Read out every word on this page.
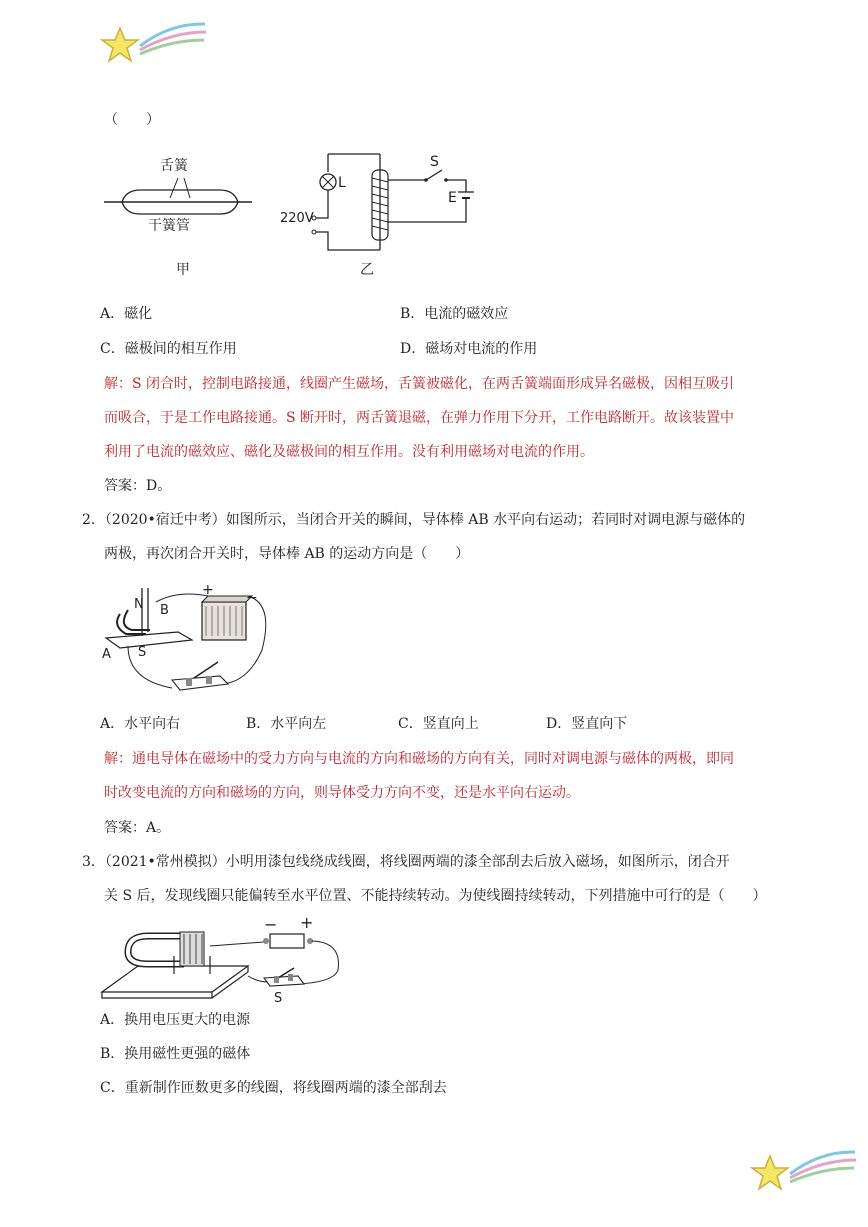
（　　）
舌簧
干簧管
甲
L
220V
S
E
乙
A．磁化	B．电流的磁效应
C．磁极间的相互作用	D．磁场对电流的作用
解：S 闭合时，控制电路接通，线圈产生磁场，舌簧被磁化，在两舌簧端面形成异名磁极，因相互吸引
而吸合，于是工作电路接通。S 断开时，两舌簧退磁，在弹力作用下分开，工作电路断开。故该装置中
利用了电流的磁效应、磁化及磁极间的相互作用。没有利用磁场对电流的作用。
答案：D。
2．（2020•宿迁中考）如图所示，当闭合开关的瞬间，导体棒 AB 水平向右运动；若同时对调电源与磁体的
两极，再次闭合开关时，导体棒 AB 的运动方向是（　　）
N B
A S
+ −
A．水平向右	B．水平向左	C．竖直向上	D．竖直向下
解：通电导体在磁场中的受力方向与电流的方向和磁场的方向有关，同时对调电源与磁体的两极，即同
时改变电流的方向和磁场的方向，则导体受力方向不变，还是水平向右运动。
答案：A。
3．（2021•常州模拟）小明用漆包线绕成线圈，将线圈两端的漆全部刮去后放入磁场，如图所示，闭合开
关 S 后，发现线圈只能偏转至水平位置、不能持续转动。为使线圈持续转动，下列措施中可行的是（　　）
− +
S
A．换用电压更大的电源
B．换用磁性更强的磁体
C．重新制作匝数更多的线圈，将线圈两端的漆全部刮去
